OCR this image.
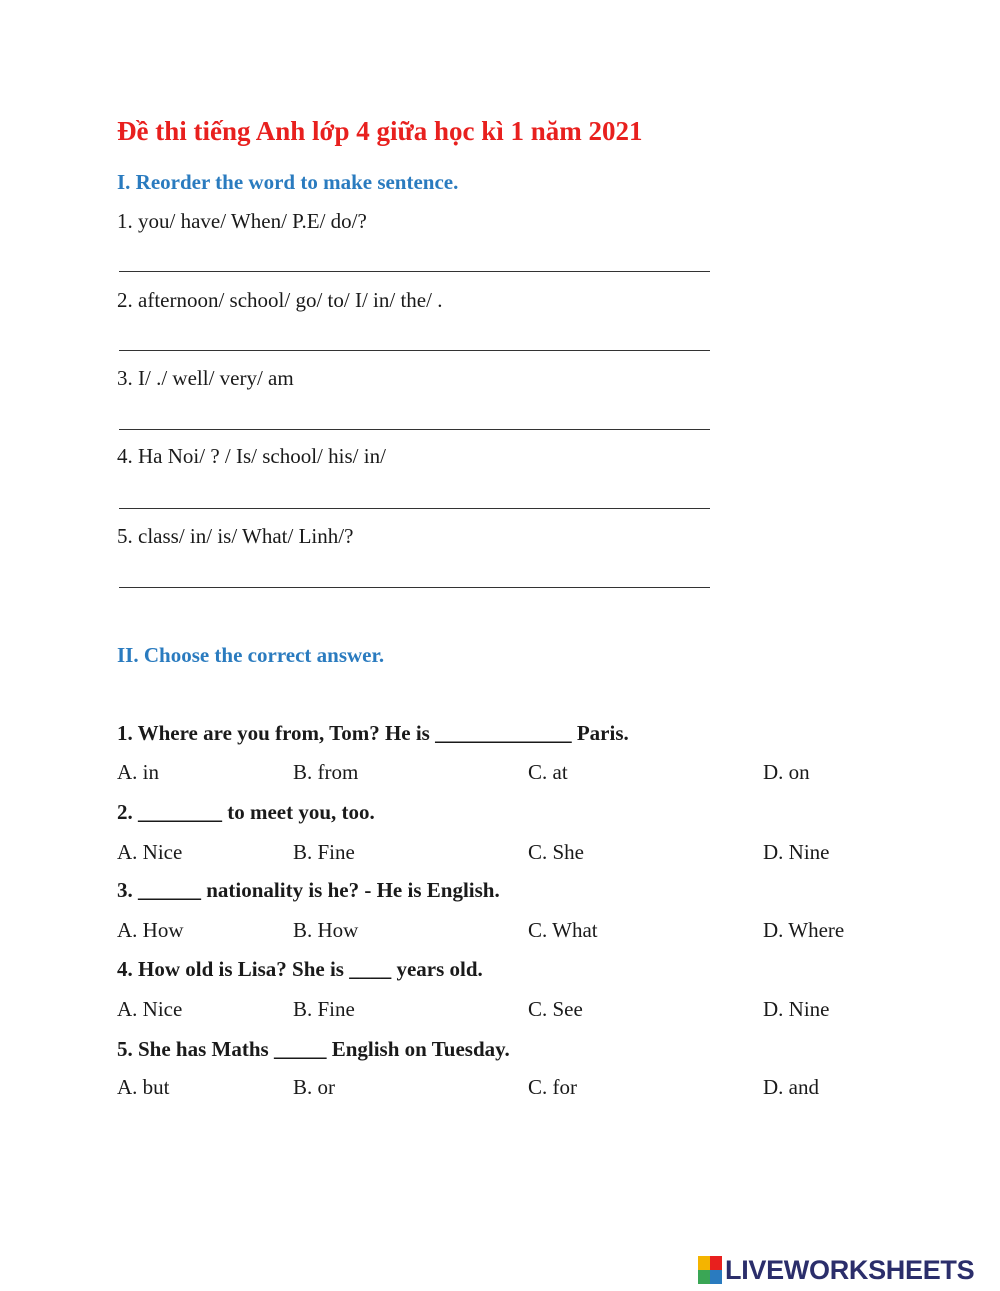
Đề thi tiếng Anh lớp 4 giữa học kì 1 năm 2021
I. Reorder the word to make sentence.
1. you/ have/ When/ P.E/ do/?
2. afternoon/ school/ go/ to/ I/ in/ the/ .
3. I/ ./ well/ very/ am
4. Ha Noi/ ? / Is/ school/ his/ in/
5. class/ in/ is/ What/ Linh/?
II. Choose the correct answer.
1. Where are you from, Tom? He is _____________ Paris.
A. in	B. from	C. at	D. on
2. ________ to meet you, too.
A. Nice	B. Fine	C. She	D. Nine
3. ______ nationality is he? - He is English.
A. How	B. How	C. What	D. Where
4. How old is Lisa? She is ____ years old.
A. Nice	B. Fine	C. See	D. Nine
5. She has Maths _____ English on Tuesday.
A. but	B. or	C. for	D. and
LIVEWORKSHEETS
